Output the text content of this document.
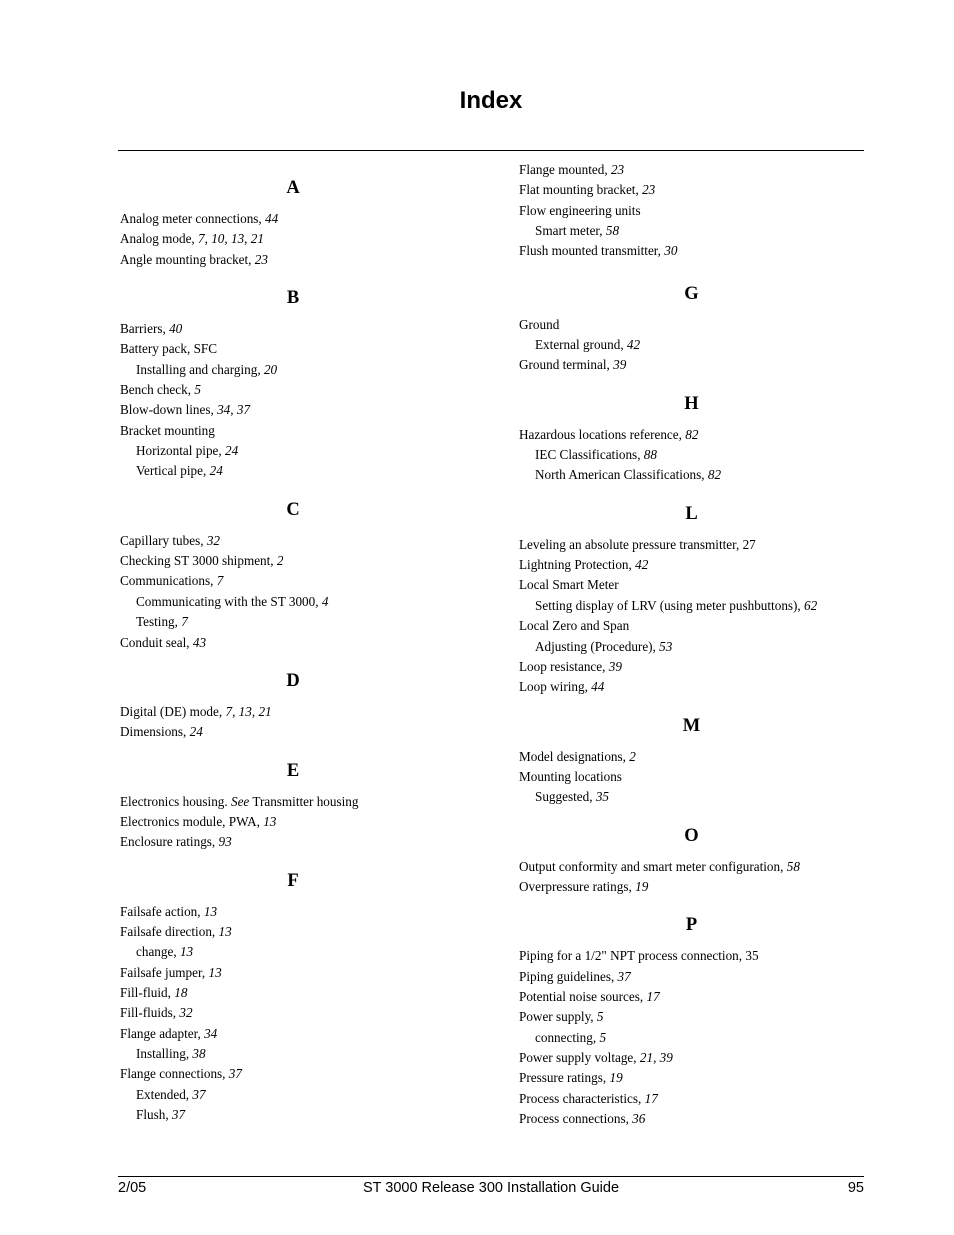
Index
A
Analog meter connections, 44
Analog mode, 7, 10, 13, 21
Angle mounting bracket, 23
B
Barriers, 40
Battery pack, SFC
Installing and charging, 20
Bench check, 5
Blow-down lines, 34, 37
Bracket mounting
Horizontal pipe, 24
Vertical pipe, 24
C
Capillary tubes, 32
Checking ST 3000 shipment, 2
Communications, 7
Communicating with the ST 3000, 4
Testing, 7
Conduit seal, 43
D
Digital (DE) mode, 7, 13, 21
Dimensions, 24
E
Electronics housing. See Transmitter housing
Electronics module, PWA, 13
Enclosure ratings, 93
F
Failsafe action, 13
Failsafe direction, 13
change, 13
Failsafe jumper, 13
Fill-fluid, 18
Fill-fluids, 32
Flange adapter, 34
Installing, 38
Flange connections, 37
Extended, 37
Flush, 37
Flange mounted, 23
Flat mounting bracket, 23
Flow engineering units
Smart meter, 58
Flush mounted transmitter, 30
G
Ground
External ground, 42
Ground terminal, 39
H
Hazardous locations reference, 82
IEC Classifications, 88
North American Classifications, 82
L
Leveling an absolute pressure transmitter, 27
Lightning Protection, 42
Local Smart Meter
Setting display of LRV (using meter pushbuttons), 62
Local Zero and Span
Adjusting (Procedure), 53
Loop resistance, 39
Loop wiring, 44
M
Model designations, 2
Mounting locations
Suggested, 35
O
Output conformity and smart meter configuration, 58
Overpressure ratings, 19
P
Piping for a 1/2" NPT process connection, 35
Piping guidelines, 37
Potential noise sources, 17
Power supply, 5
connecting, 5
Power supply voltage, 21, 39
Pressure ratings, 19
Process characteristics, 17
Process connections, 36
2/05	ST 3000 Release 300 Installation Guide	95
